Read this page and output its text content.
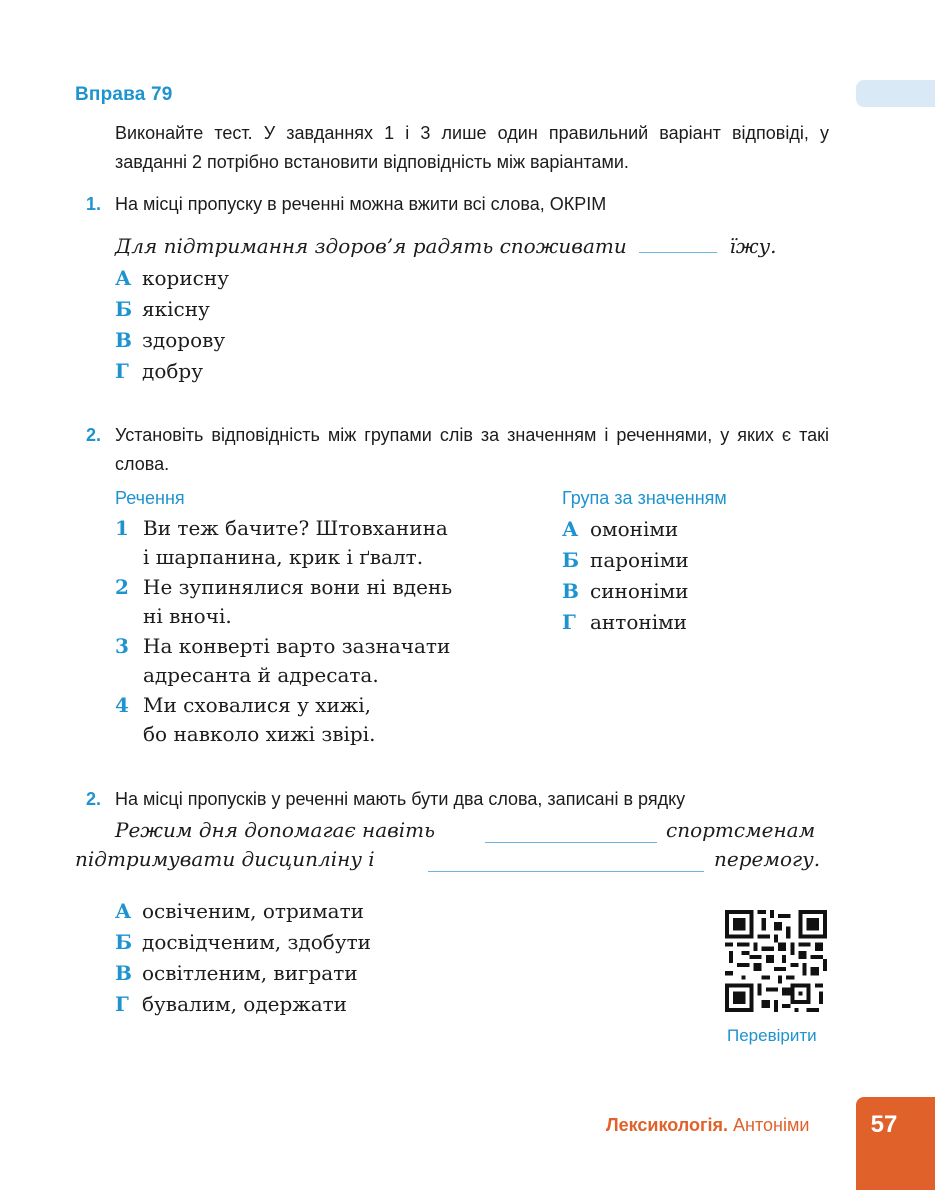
Вправа 79
Виконайте тест. У завданнях 1 і 3 лише один правильний варіант відповіді, у завданні 2 потрібно встановити відповідність між варіантами.
1. На місці пропуску в реченні можна вжити всі слова, ОКРІМ
Для підтримання здоров’я радять споживати	їжу.
А корисну
Б якісну
В здорову
Г добру
2. Установіть відповідність між групами слів за значенням і реченнями, у яких є такі слова.
Речення	Група за значенням
1 Ви теж бачите? Штовханина
і шарпанина, крик і ґвалт.
2 Не зупинялися вони ні вдень
ні вночі.
3 На конверті варто зазначати
адресанта й адресата.
4 Ми сховалися у хижі,
бо навколо хижі звірі.
А омоніми
Б пароніми
В синоніми
Г антоніми
2. На місці пропусків у реченні мають бути два слова, записані в рядку
Режим дня допомагає навіть	спортсменам
підтримувати дисципліну і	перемогу.
А освіченим, отримати
Б досвідченим, здобути
В освітленим, виграти
Г бувалим, одержати
Перевірити
Лексикологія. Антоніми	57
